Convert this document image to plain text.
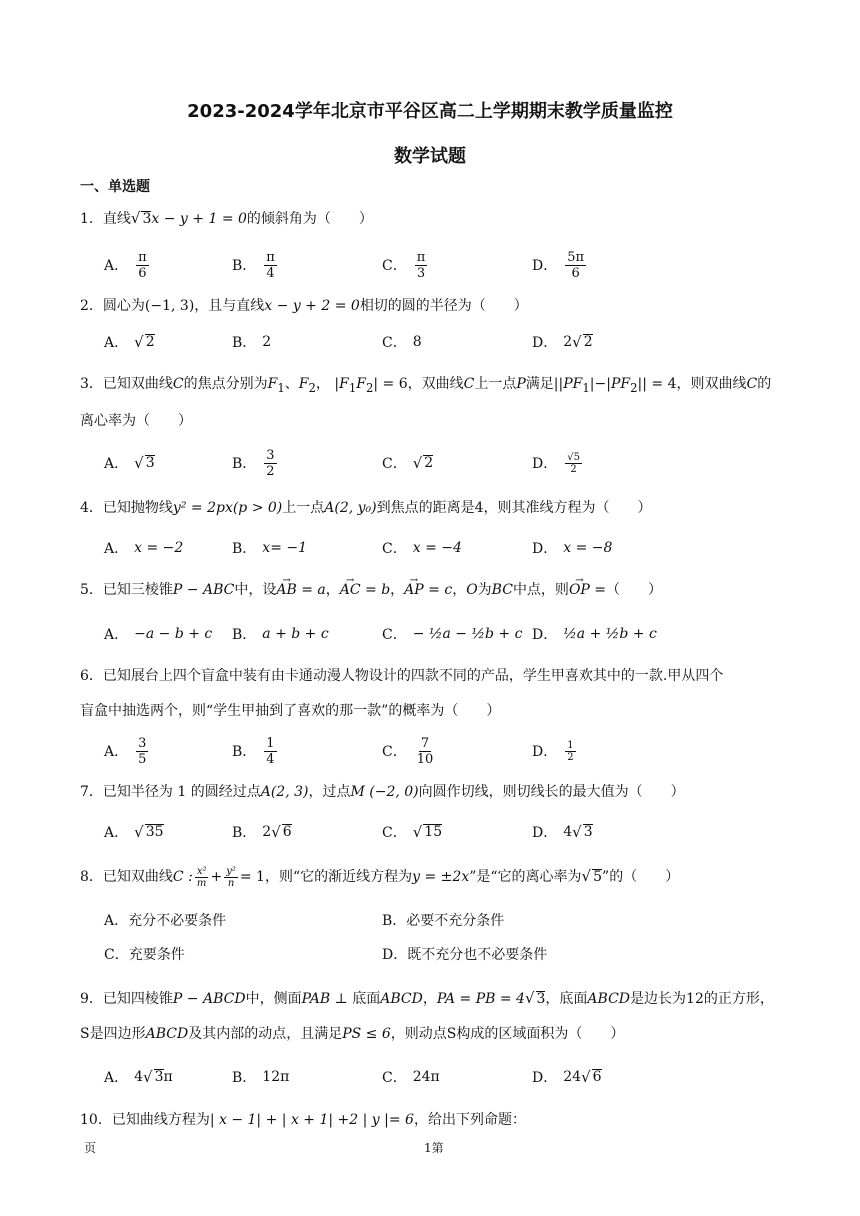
2023-2024学年北京市平谷区高二上学期期末教学质量监控
数学试题
一、单选题
1．直线√ 3x − y + 1 = 0的倾斜角为（　　）
A． $\frac{\pi}{6}$	B． $\frac{\pi}{4}$	C． $\frac{\pi}{3}$	D． $\frac{5\pi}{6}$
2．圆心为(−1, 3)，且与直线x − y + 2 = 0相切的圆的半径为（　　）
A． √ 2	B． 2	C． 8	D． 2 √ 2
3．已知双曲线C的焦点分别为$F_1$、$F_2$， $|F_1F_2| = 6$，双曲线C上一点P满足$||PF_1|-|PF_2|| = 4$，则双曲线C的
离心率为（　　）
A． √ 3	B． $\frac{3}{2}$	C． √ 2	D． $\frac{√5}{2}$
4．已知抛物线y² = 2px(p > 0)上一点A(2, y₀)到焦点的距离是4，则其准线方程为（　　）
A． x = −2	B． x= −1	C． x = −4	D． x = −8
5．已知三棱锥P − ABC中，设→ AB = a，→ AC = b，→ AP = c，O为BC中点，则→ OP =（　　）
A． −a − b + c B． a + b + c	C． − ½a − ½b + c D． ½a + ½b + c
6．已知展台上四个盲盒中装有由卡通动漫人物设计的四款不同的产品，学生甲喜欢其中的一款.甲从四个
盲盒中抽选两个，则“学生甲抽到了喜欢的那一款”的概率为（　　）
A． $\frac{3}{5}$	B． $\frac{1}{4}$	C． $\frac{7}{10}$	D． $\frac{1}{2}$
7．已知半径为 1 的圆经过点A(2, 3)，过点M (−2, 0)向圆作切线，则切线长的最大值为（　　）
A． √ 35	B． 2 √ 6	C． √ 15	D． 4 √ 3
8．已知双曲线C : $\frac{\text{x²}}{m} + \frac{\text{y²}}{n} = 1$，则“它的渐近线方程为y = ±2x”是“它的离心率为√ 5”的（　　）
A．充分不必要条件	B．必要不充分条件
C．充要条件	D．既不充分也不必要条件
9．已知四棱锥P − ABCD中，侧面PAB ⊥ 底面ABCD，PA = PB = 4√ 3，底面ABCD是边长为12的正方形，
S是四边形ABCD及其内部的动点，且满足PS ≤ 6，则动点S构成的区域面积为（　　）
A． 4 √ 3 π	B． 12π	C． 24π	D． 24 √ 6
10．已知曲线方程为| x − 1| + | x + 1| +2 | y |= 6，给出下列命题：
页	1第
